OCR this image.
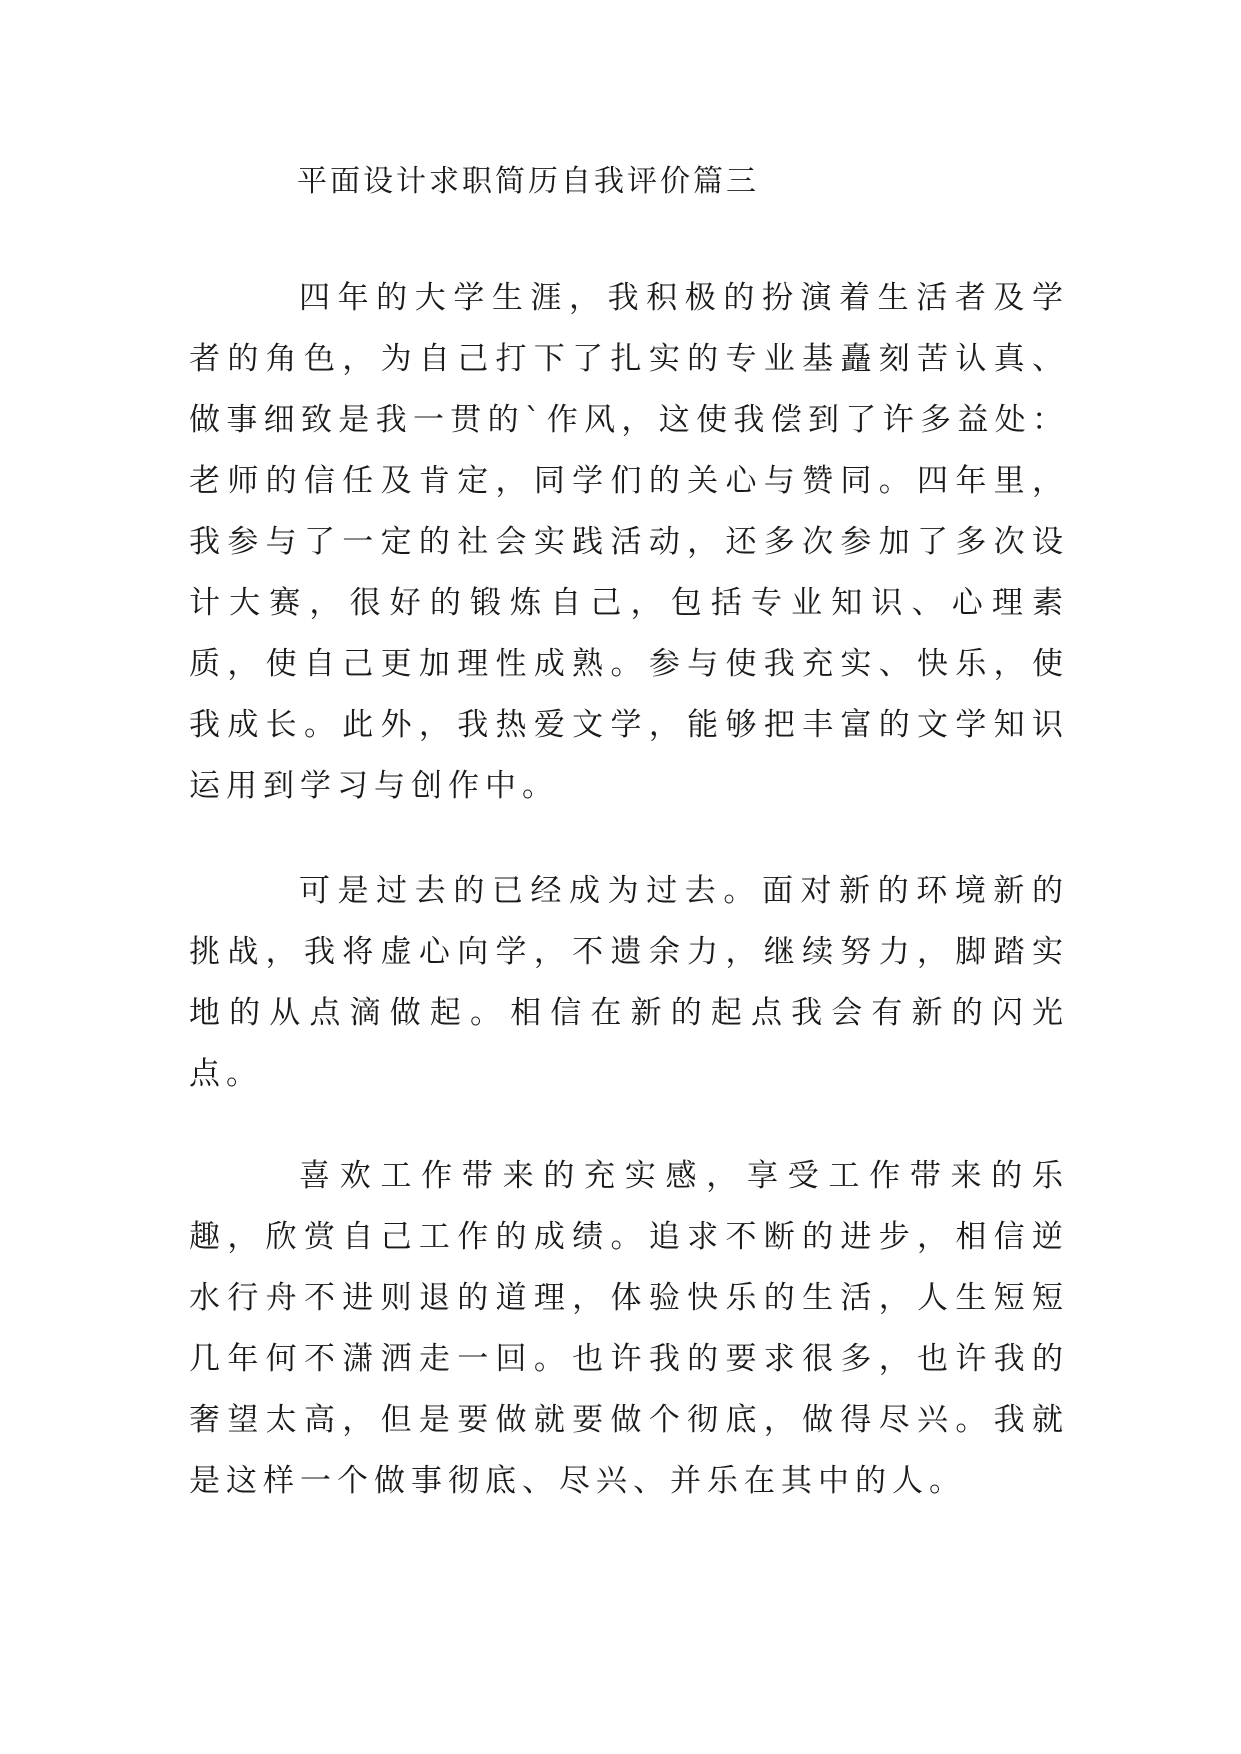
平面设计求职简历自我评价篇三

四年的大学生涯，我积极的扮演着生活者及学者的角色，为自己打下了扎实的专业基矗刻苦认真、做事细致是我一贯的`作风，这使我偿到了许多益处：老师的信任及肯定，同学们的关心与赞同。四年里，我参与了一定的社会实践活动，还多次参加了多次设计大赛，很好的锻炼自己，包括专业知识、心理素质，使自己更加理性成熟。参与使我充实、快乐，使我成长。此外，我热爱文学，能够把丰富的文学知识运用到学习与创作中。

可是过去的已经成为过去。面对新的环境新的挑战，我将虚心向学，不遗余力，继续努力，脚踏实地的从点滴做起。相信在新的起点我会有新的闪光点。

喜欢工作带来的充实感，享受工作带来的乐趣，欣赏自己工作的成绩。追求不断的进步，相信逆水行舟不进则退的道理，体验快乐的生活，人生短短几年何不潇洒走一回。也许我的要求很多，也许我的奢望太高，但是要做就要做个彻底，做得尽兴。我就是这样一个做事彻底、尽兴、并乐在其中的人。
